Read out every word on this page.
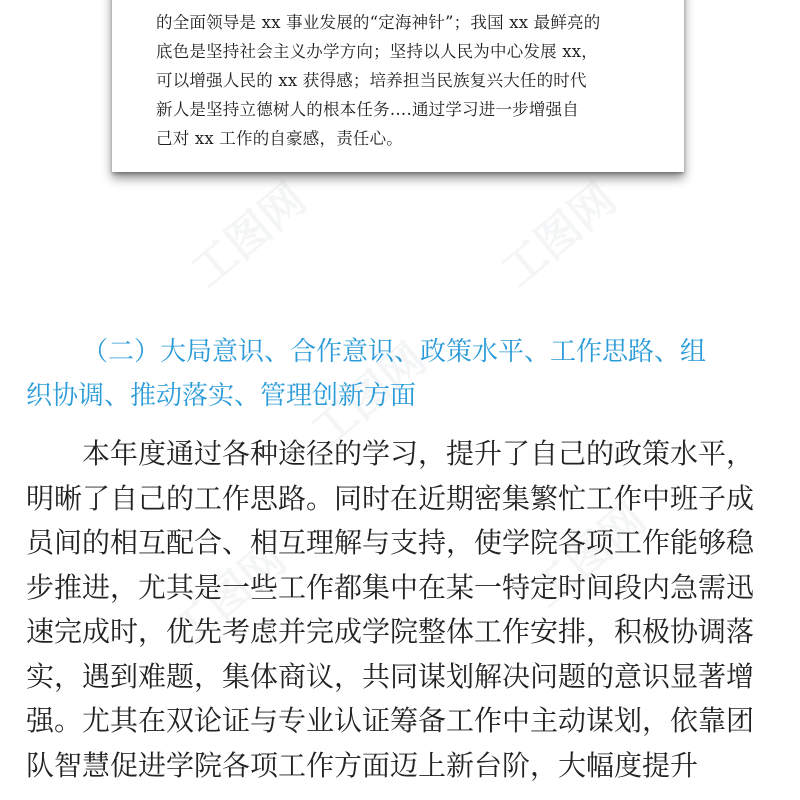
工图网	工图网
工图网
工图网	工图网
的全面领导是 xx 事业发展的“定海神针”；我国 xx 最鲜亮的
底色是坚持社会主义办学方向；坚持以人民为中心发展 xx，
可以增强人民的 xx 获得感；培养担当民族复兴大任的时代
新人是坚持立德树人的根本任务….通过学习进一步增强自
己对 xx 工作的自豪感，责任心。
（二）大局意识、合作意识、政策水平、工作思路、组
织协调、推动落实、管理创新方面
本年度通过各种途径的学习，提升了自己的政策水平，
明晰了自己的工作思路。同时在近期密集繁忙工作中班子成
员间的相互配合、相互理解与支持，使学院各项工作能够稳
步推进，尤其是一些工作都集中在某一特定时间段内急需迅
速完成时，优先考虑并完成学院整体工作安排，积极协调落
实，遇到难题，集体商议，共同谋划解决问题的意识显著增
强。尤其在双论证与专业认证筹备工作中主动谋划，依靠团
队智慧促进学院各项工作方面迈上新台阶，大幅度提升
